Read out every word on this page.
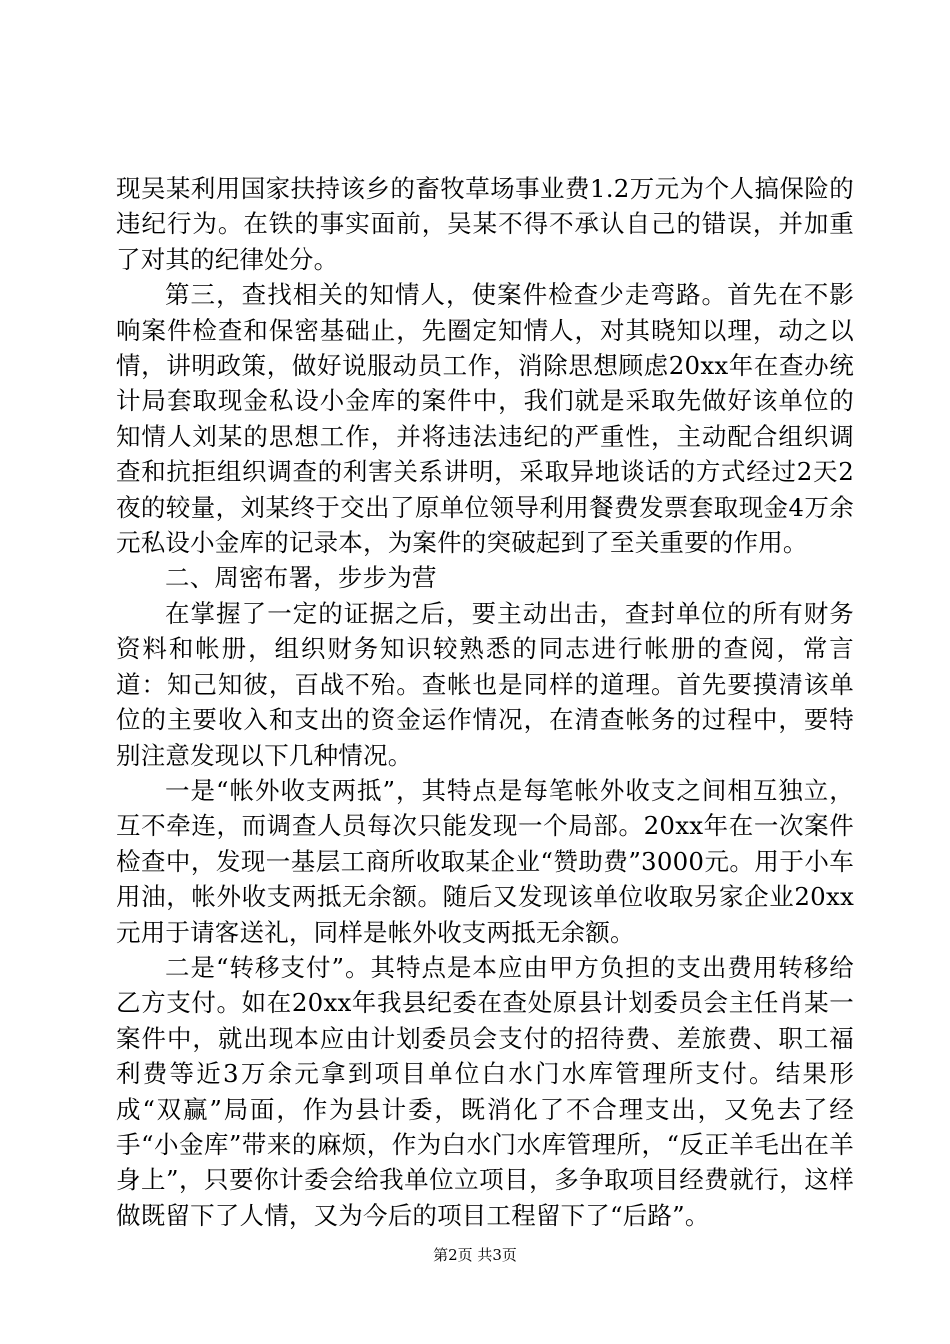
现吴某利用国家扶持该乡的畜牧草场事业费1.2万元为个人搞保险的违纪行为。在铁的事实面前，吴某不得不承认自己的错误，并加重了对其的纪律处分。

第三，查找相关的知情人，使案件检查少走弯路。首先在不影响案件检查和保密基础止，先圈定知情人，对其晓知以理，动之以情，讲明政策，做好说服动员工作，消除思想顾虑20xx年在查办统计局套取现金私设小金库的案件中，我们就是采取先做好该单位的知情人刘某的思想工作，并将违法违纪的严重性，主动配合组织调查和抗拒组织调查的利害关系讲明，采取异地谈话的方式经过2天2夜的较量，刘某终于交出了原单位领导利用餐费发票套取现金4万余元私设小金库的记录本，为案件的突破起到了至关重要的作用。

二、周密布署，步步为营

在掌握了一定的证据之后，要主动出击，查封单位的所有财务资料和帐册，组织财务知识较熟悉的同志进行帐册的查阅，常言道：知己知彼，百战不殆。查帐也是同样的道理。首先要摸清该单位的主要收入和支出的资金运作情况，在清查帐务的过程中，要特别注意发现以下几种情况。

一是“帐外收支两抵”，其特点是每笔帐外收支之间相互独立，互不牵连，而调查人员每次只能发现一个局部。20xx年在一次案件检查中，发现一基层工商所收取某企业“赞助费”3000元。用于小车用油，帐外收支两抵无余额。随后又发现该单位收取另家企业20xx元用于请客送礼，同样是帐外收支两抵无余额。

二是“转移支付”。其特点是本应由甲方负担的支出费用转移给乙方支付。如在20xx年我县纪委在查处原县计划委员会主任肖某一案件中，就出现本应由计划委员会支付的招待费、差旅费、职工福利费等近3万余元拿到项目单位白水门水库管理所支付。结果形成“双赢”局面，作为县计委，既消化了不合理支出，又免去了经手“小金库”带来的麻烦，作为白水门水库管理所，“反正羊毛出在羊身上”，只要你计委会给我单位立项目，多争取项目经费就行，这样做既留下了人情，又为今后的项目工程留下了“后路”。

第2页 共3页
